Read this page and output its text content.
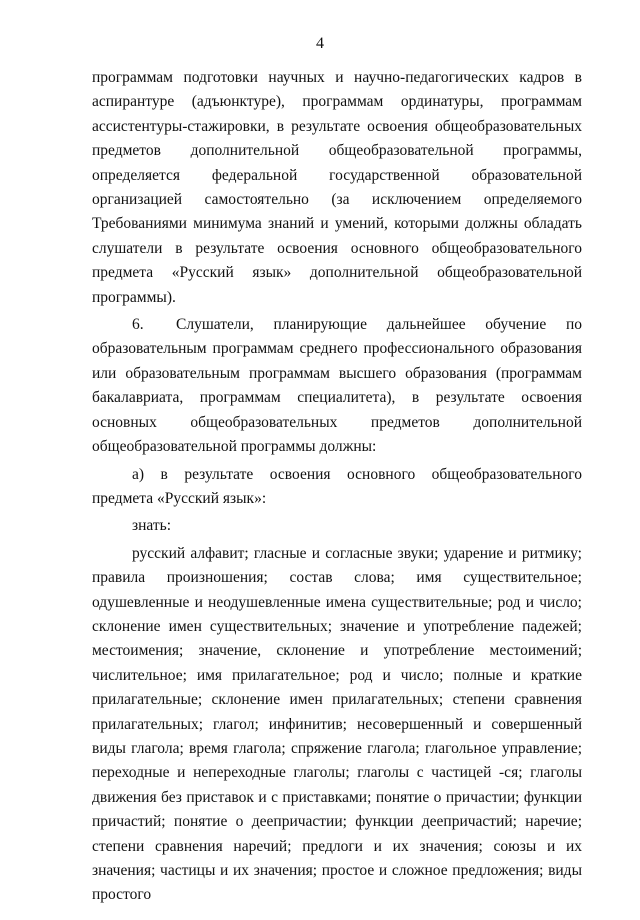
4

программам подготовки научных и научно-педагогических кадров в аспирантуре (адъюнктуре), программам ординатуры, программам ассистентуры-стажировки, в результате освоения общеобразовательных предметов дополнительной общеобразовательной программы, определяется федеральной государственной образовательной организацией самостоятельно (за исключением определяемого Требованиями минимума знаний и умений, которыми должны обладать слушатели в результате освоения основного общеобразовательного предмета «Русский язык» дополнительной общеобразовательной программы).

6. Слушатели, планирующие дальнейшее обучение по образовательным программам среднего профессионального образования или образовательным программам высшего образования (программам бакалавриата, программам специалитета), в результате освоения основных общеобразовательных предметов дополнительной общеобразовательной программы должны:

а) в результате освоения основного общеобразовательного предмета «Русский язык»:

знать:

русский алфавит; гласные и согласные звуки; ударение и ритмику; правила произношения; состав слова; имя существительное; одушевленные и неодушевленные имена существительные; род и число; склонение имен существительных; значение и употребление падежей; местоимения; значение, склонение и употребление местоимений; числительное; имя прилагательное; род и число; полные и краткие прилагательные; склонение имен прилагательных; степени сравнения прилагательных; глагол; инфинитив; несовершенный и совершенный виды глагола; время глагола; спряжение глагола; глагольное управление; переходные и непереходные глаголы; глаголы с частицей -ся; глаголы движения без приставок и с приставками; понятие о причастии; функции причастий; понятие о деепричастии; функции деепричастий; наречие; степени сравнения наречий; предлоги и их значения; союзы и их значения; частицы и их значения; простое и сложное предложения; виды простого
